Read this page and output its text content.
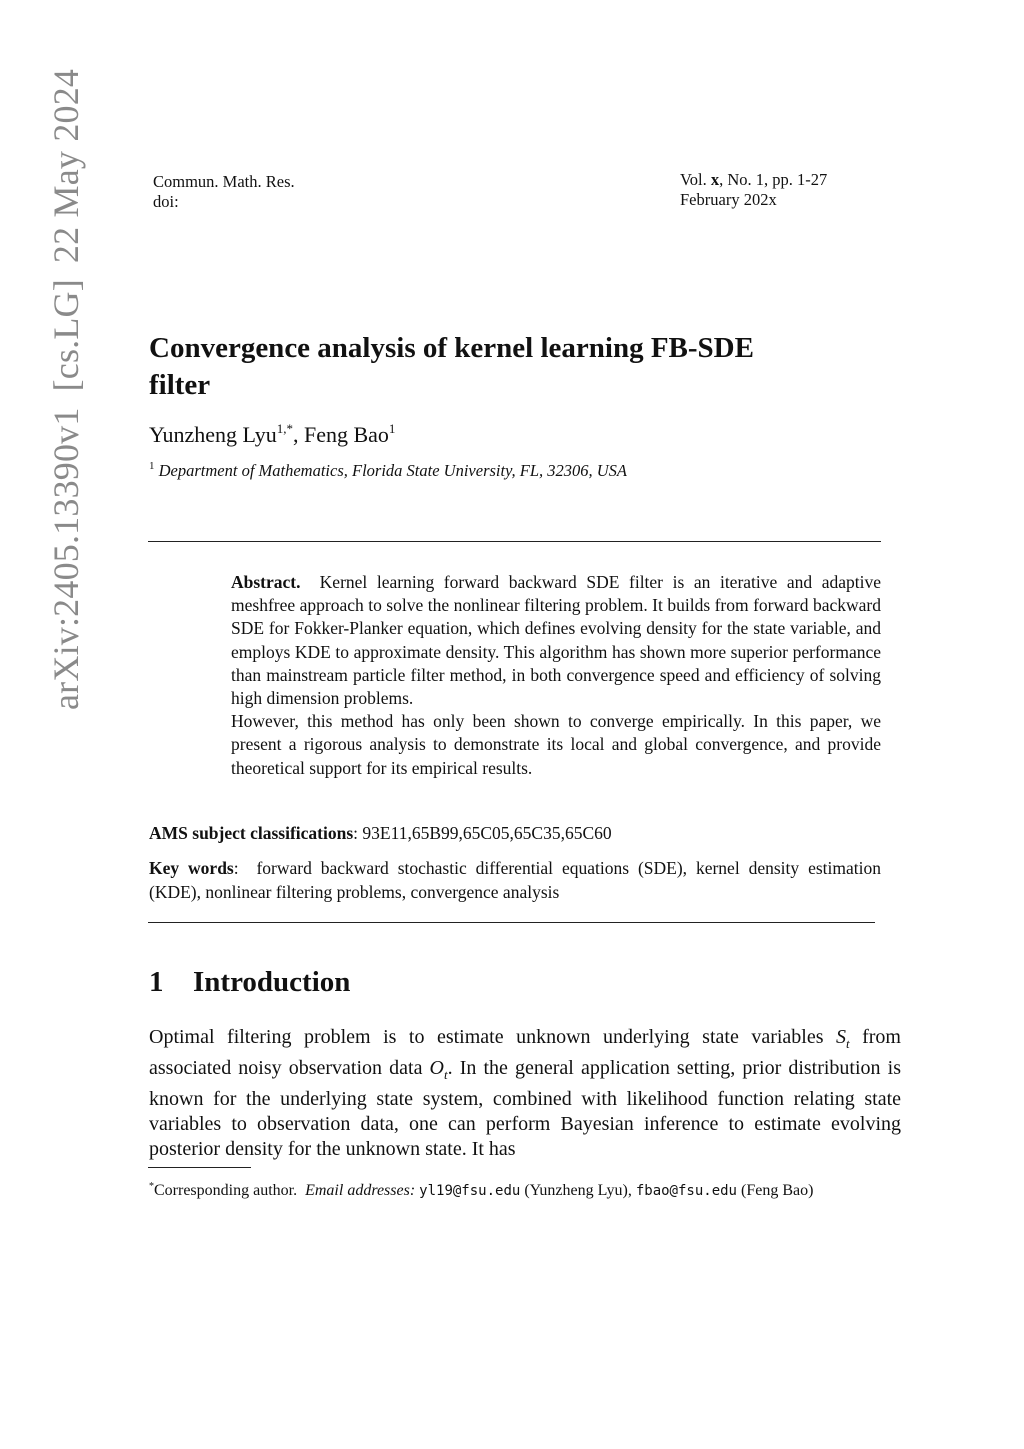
arXiv:2405.13390v1[cs.LG]22 May 2024	Commun. Math. Res.
doi:
Vol. x, No. 1, pp. 1-27
February 202x
Convergence analysis of kernel learning FB-SDE filter
Yunzheng Lyu$^{1,*}$, Feng Bao$^1$
$^1$ Department of Mathematics, Florida State University, FL, 32306, USA

Abstract. Kernel learning forward backward SDE filter is an iterative and adaptive meshfree approach to solve the nonlinear filtering problem. It builds from forward backward SDE for Fokker-Planker equation, which defines evolving density for the state variable, and employs KDE to approximate density. This algorithm has shown more superior performance than mainstream particle filter method, in both convergence speed and efficiency of solving high dimension problems.

However, this method has only been shown to converge empirically. In this paper, we present a rigorous analysis to demonstrate its local and global convergence, and provide theoretical support for its empirical results.

AMS subject classifications: 93E11,65B99,65C05,65C35,65C60
Key words:  forward backward stochastic differential equations (SDE), kernel density estimation (KDE), nonlinear filtering problems, convergence analysis
1 Introduction
Optimal filtering problem is to estimate unknown underlying state variables $S_t$ from associated noisy observation data $O_t$. In the general application setting, prior distribution is known for the underlying state system, combined with likelihood function relating state variables to observation data, one can perform Bayesian inference to estimate evolving posterior density for the unknown state. It has
*Corresponding author. Email addresses: yl19@fsu.edu (Yunzheng Lyu), fbao@fsu.edu (Feng Bao)
